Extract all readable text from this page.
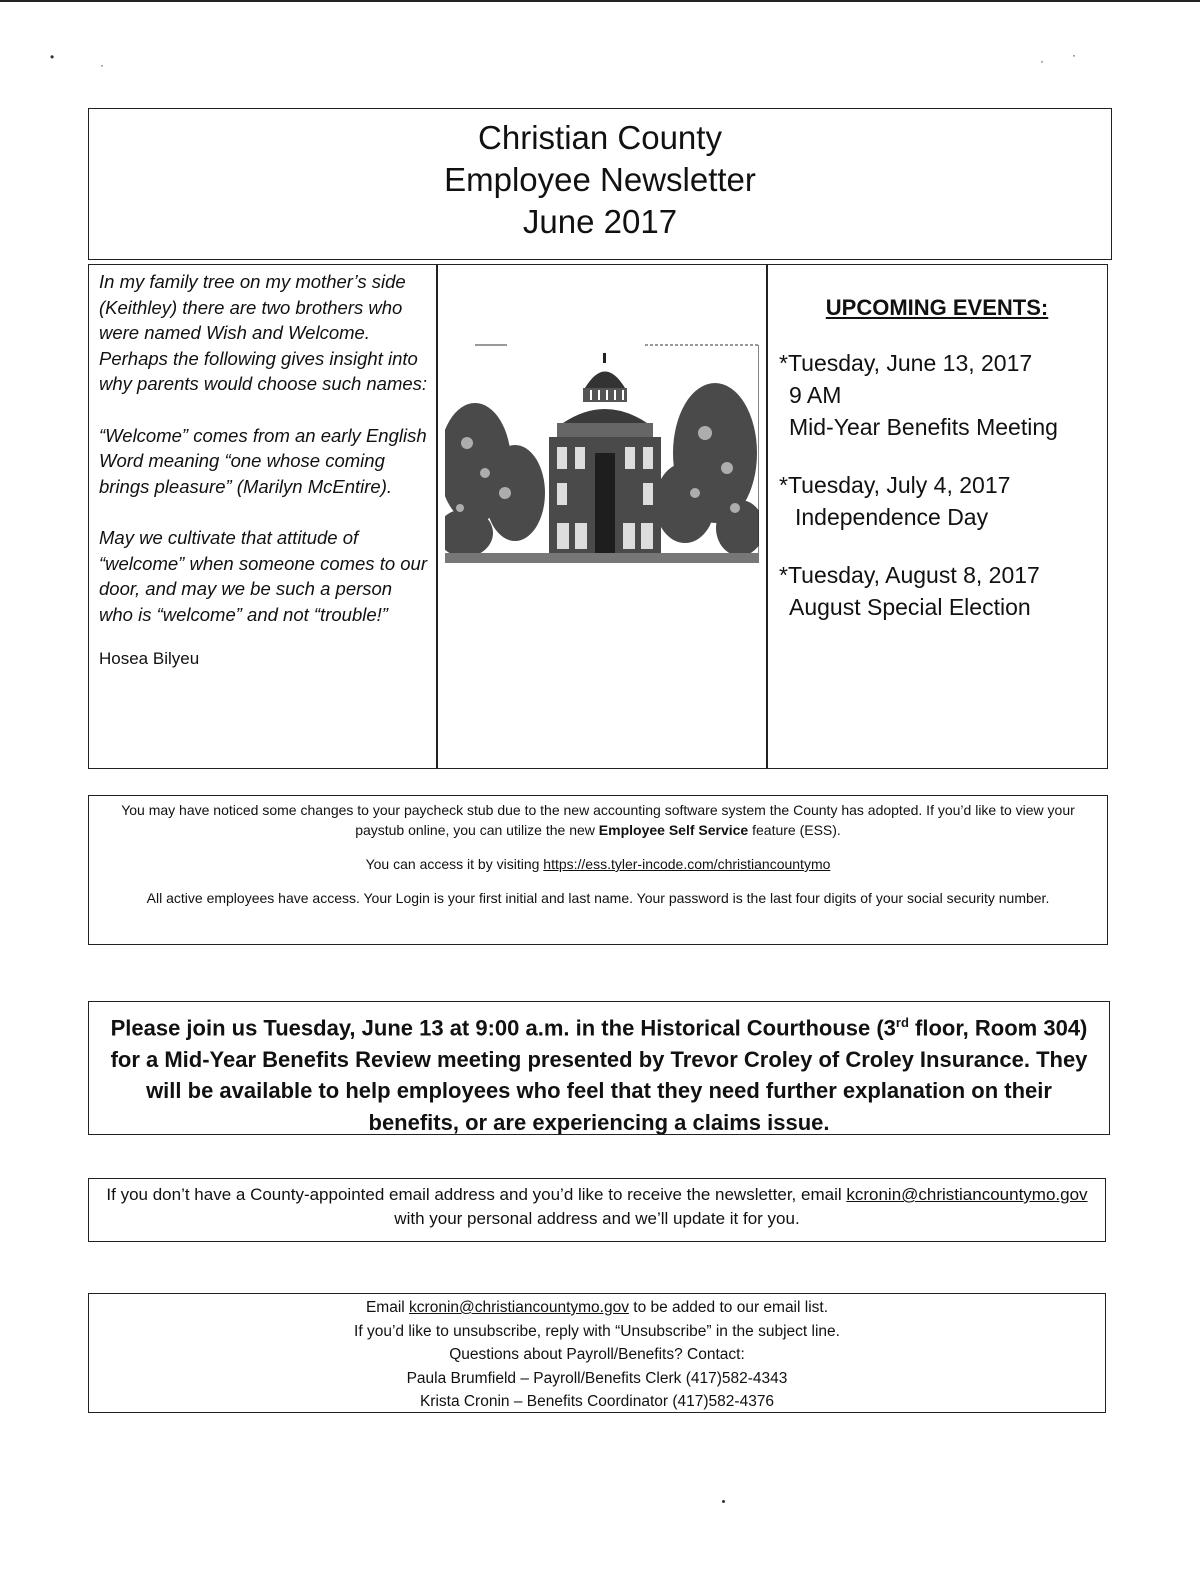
•
·	· ·
Christian County
Employee Newsletter
June 2017

In my family tree on my mother’s side (Keithley) there are two brothers who were named Wish and Welcome. Perhaps the following gives insight into why parents would choose such names:

“Welcome” comes from an early English Word meaning “one whose coming brings pleasure” (Marilyn McEntire).

May we cultivate that attitude of “welcome” when someone comes to our door, and may we be such a person who is “welcome” and not “trouble!”

Hosea Bilyeu
UPCOMING EVENTS:
*Tuesday, June 13, 2017
9 AM
Mid-Year Benefits Meeting
*Tuesday, July 4, 2017
Independence Day
*Tuesday, August 8, 2017
August Special Election

You may have noticed some changes to your paycheck stub due to the new accounting software system the County has adopted. If you’d like to view your paystub online, you can utilize the new Employee Self Service feature (ESS).

You can access it by visiting https://ess.tyler-incode.com/christiancountymo

All active employees have access. Your Login is your first initial and last name. Your password is the last four digits of your social security number.

Please join us Tuesday, June 13 at 9:00 a.m. in the Historical Courthouse (3rd floor, Room 304) for a Mid-Year Benefits Review meeting presented by Trevor Croley of Croley Insurance. They will be available to help employees who feel that they need further explanation on their benefits, or are experiencing a claims issue.
If you don’t have a County-appointed email address and you’d like to receive the newsletter, email kcronin@christiancountymo.gov with your personal address and we’ll update it for you.
Email kcronin@christiancountymo.gov to be added to our email list.
If you’d like to unsubscribe, reply with “Unsubscribe” in the subject line.
Questions about Payroll/Benefits? Contact:
Paula Brumfield – Payroll/Benefits Clerk (417)582-4343
Krista Cronin – Benefits Coordinator (417)582-4376
